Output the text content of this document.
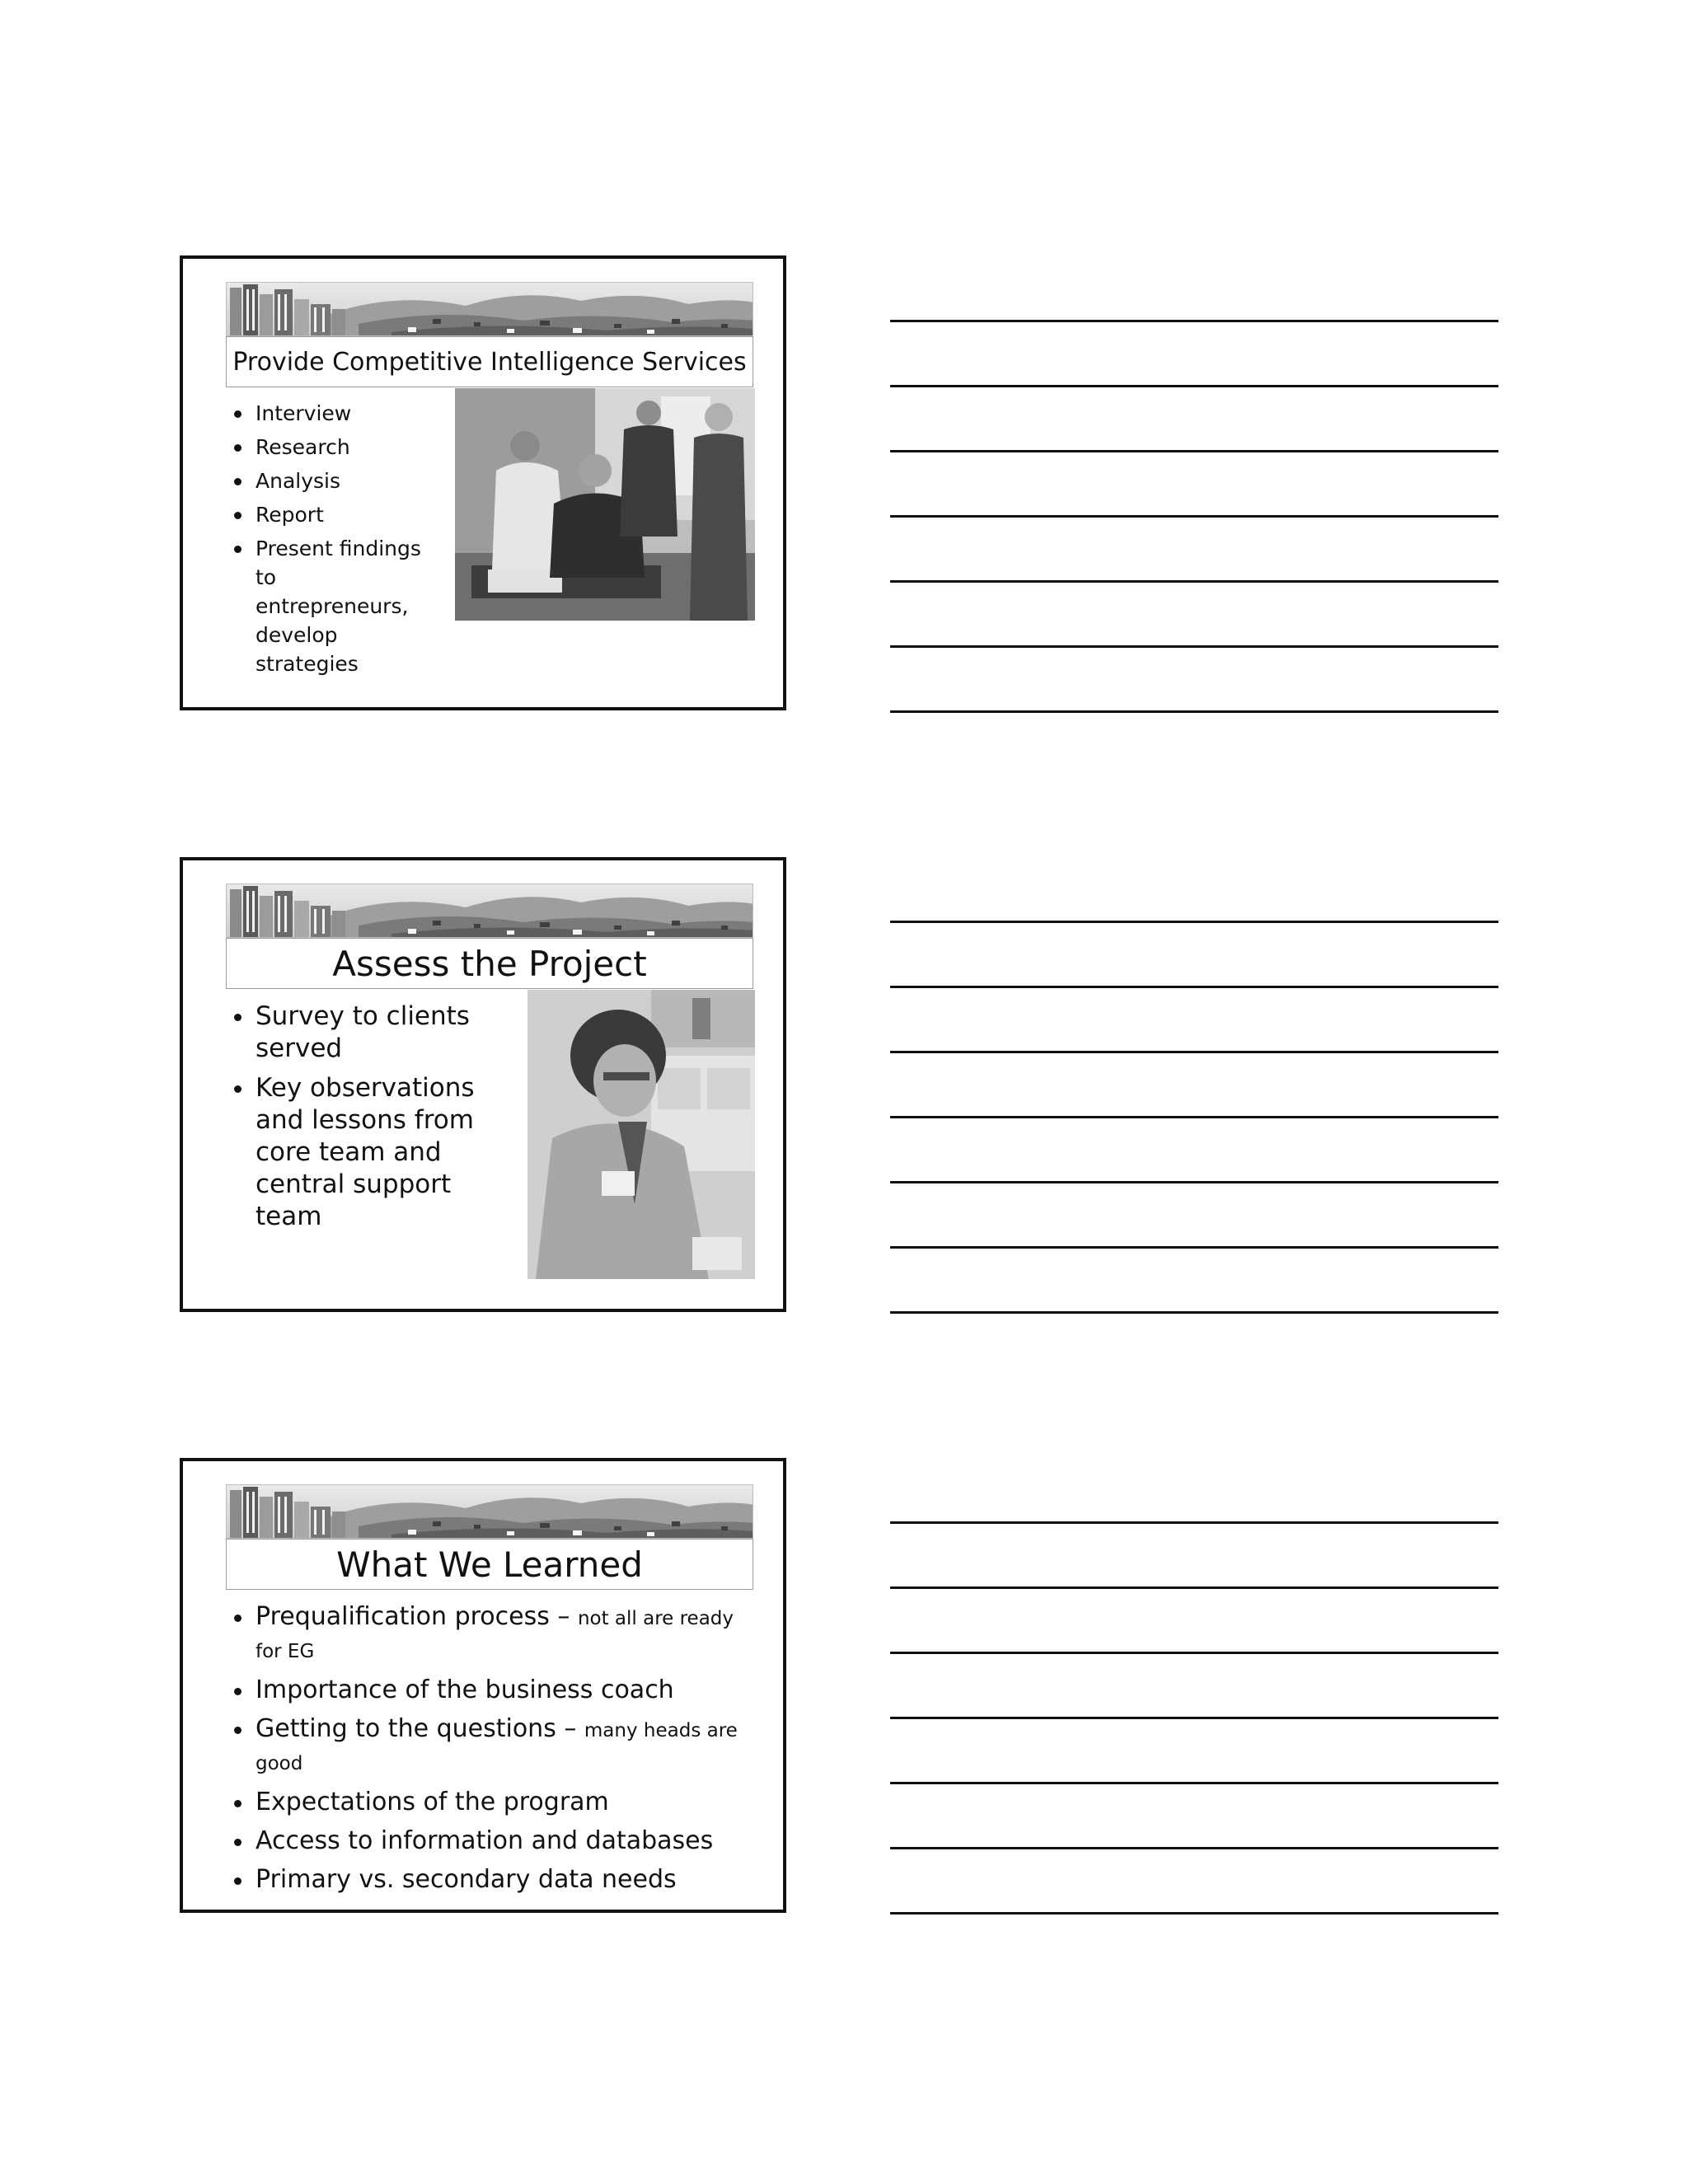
Provide Competitive Intelligence Services
Interview
Research
Analysis
Report
Present findings to entrepreneurs, develop strategies
Assess the Project
Survey to clients served
Key observations and lessons from core team and central support team
What We Learned
Prequalification process – not all are ready for EG
Importance of the business coach
Getting to the questions – many heads are good
Expectations of the program
Access to information and databases
Primary vs. secondary data needs
